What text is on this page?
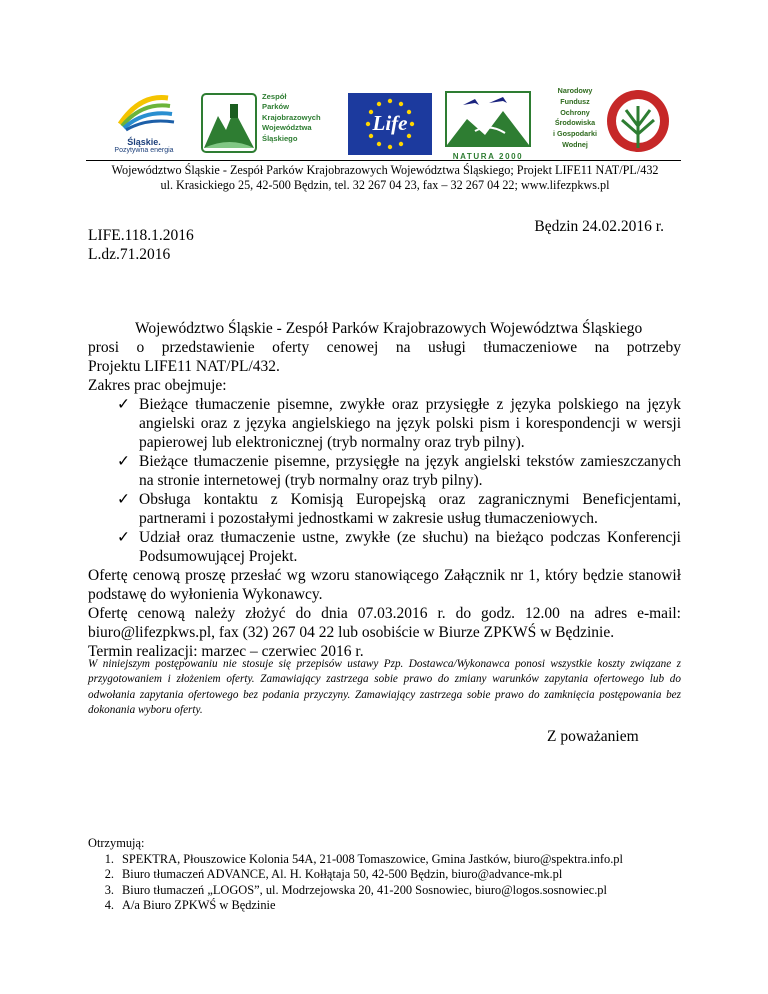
Śląskie.
Pozytywna energia
Zespół
Parków
Krajobrazowych
Województwa
Śląskiego
Life
NATURA 2000
Narodowy
Fundusz
Ochrony
Środowiska
i Gospodarki
Wodnej
Województwo Śląskie - Zespół Parków Krajobrazowych Województwa Śląskiego; Projekt LIFE11 NAT/PL/432
ul. Krasickiego 25, 42-500 Będzin, tel. 32 267 04 23, fax – 32 267 04 22; www.lifezpkws.pl
Będzin 24.02.2016 r.
LIFE.118.1.2016
L.dz.71.2016
Województwo Śląskie - Zespół Parków Krajobrazowych Województwa Śląskiego
prosi o przedstawienie oferty cenowej na usługi tłumaczeniowe na potrzeby
Projektu LIFE11 NAT/PL/432.
Zakres prac obejmuje:
✓ Bieżące tłumaczenie pisemne, zwykłe oraz przysięgłe z języka polskiego na język
angielski oraz z języka angielskiego na język polski pism i korespondencji w wersji
papierowej lub elektronicznej (tryb normalny oraz tryb pilny).
✓ Bieżące tłumaczenie pisemne, przysięgłe na język angielski tekstów zamieszczanych
na stronie internetowej (tryb normalny oraz tryb pilny).
✓ Obsługa kontaktu z Komisją Europejską oraz zagranicznymi Beneficjentami,
partnerami i pozostałymi jednostkami w zakresie usług tłumaczeniowych.
✓ Udział oraz tłumaczenie ustne, zwykłe (ze słuchu) na bieżąco podczas Konferencji
Podsumowującej Projekt.
Ofertę cenową proszę przesłać wg wzoru stanowiącego Załącznik nr 1, który będzie stanowił
podstawę do wyłonienia Wykonawcy.
Ofertę cenową należy złożyć do dnia 07.03.2016 r. do godz. 12.00 na adres e-mail:
biuro@lifezpkws.pl, fax (32) 267 04 22 lub osobiście w Biurze ZPKWŚ w Będzinie.
Termin realizacji: marzec – czerwiec 2016 r.
W niniejszym postępowaniu nie stosuje się przepisów ustawy Pzp. Dostawca/Wykonawca ponosi wszystkie koszty związane z przygotowaniem i złożeniem oferty. Zamawiający zastrzega sobie prawo do zmiany warunków zapytania ofertowego lub do odwołania zapytania ofertowego bez podania przyczyny. Zamawiający zastrzega sobie prawo do zamknięcia postępowania bez dokonania wyboru oferty.
Z poważaniem
Otrzymują:
1. SPEKTRA, Płouszowice Kolonia 54A, 21-008 Tomaszowice, Gmina Jastków, biuro@spektra.info.pl
2. Biuro tłumaczeń ADVANCE, Al. H. Kołłątaja 50, 42-500 Będzin, biuro@advance-mk.pl
3. Biuro tłumaczeń „LOGOS”, ul. Modrzejowska 20, 41-200 Sosnowiec, biuro@logos.sosnowiec.pl
4. A/a Biuro ZPKWŚ w Będzinie
